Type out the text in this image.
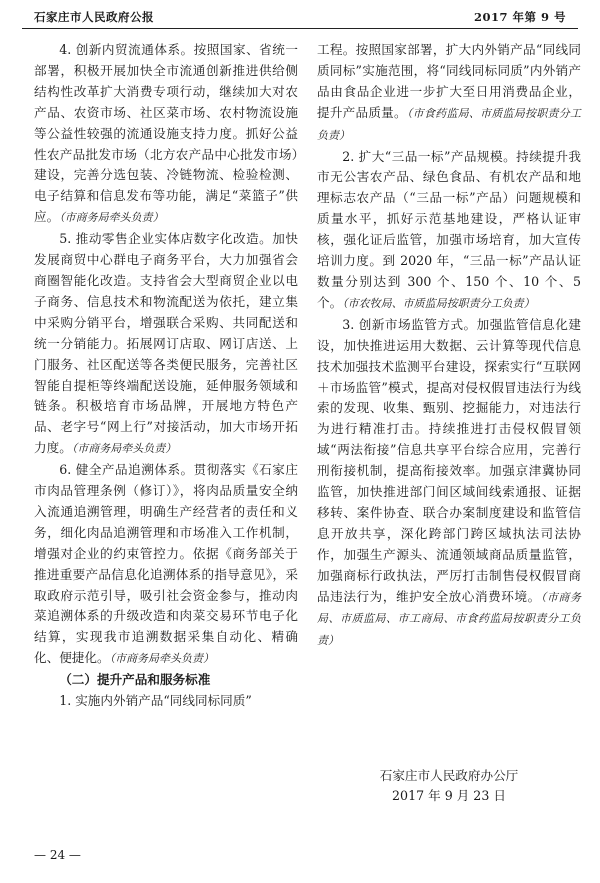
石家庄市人民政府公报	2017 年第 9 号

4. 创新内贸流通体系。按照国家、省统一部署，积极开展加快全市流通创新推进供给侧结构性改革扩大消费专项行动，继续加大对农产品、农资市场、社区菜市场、农村物流设施等公益性较强的流通设施支持力度。抓好公益性农产品批发市场（北方农产品中心批发市场）建设，完善分选包装、冷链物流、检验检测、电子结算和信息发布等功能，满足“菜篮子”供应。（市商务局牵头负责）

5. 推动零售企业实体店数字化改造。加快发展商贸中心群电子商务平台，大力加强省会商圈智能化改造。支持省会大型商贸企业以电子商务、信息技术和物流配送为依托，建立集中采购分销平台，增强联合采购、共同配送和统一分销能力。拓展网订店取、网订店送、上门服务、社区配送等各类便民服务，完善社区智能自提柜等终端配送设施，延伸服务领域和链条。积极培育市场品牌，开展地方特色产品、老字号“网上行”对接活动，加大市场开拓力度。（市商务局牵头负责）

6. 健全产品追溯体系。贯彻落实《石家庄市肉品管理条例（修订）》，将肉品质量安全纳入流通追溯管理，明确生产经营者的责任和义务，细化肉品追溯管理和市场准入工作机制，增强对企业的约束管控力。依据《商务部关于推进重要产品信息化追溯体系的指导意见》，采取政府示范引导，吸引社会资金参与，推动肉菜追溯体系的升级改造和肉菜交易环节电子化结算，实现我市追溯数据采集自动化、精确化、便捷化。（市商务局牵头负责）

（二）提升产品和服务标准

1. 实施内外销产品“同线同标同质”

工程。按照国家部署，扩大内外销产品“同线同质同标”实施范围，将“同线同标同质”内外销产品由食品企业进一步扩大至日用消费品企业，提升产品质量。（市食药监局、市质监局按职责分工负责）

2. 扩大“三品一标”产品规模。持续提升我市无公害农产品、绿色食品、有机农产品和地理标志农产品（“三品一标”产品）问题规模和质量水平，抓好示范基地建设，严格认证审核，强化证后监管，加强市场培育，加大宣传培训力度。到 2020 年，“三品一标”产品认证数量分别达到 300 个、150 个、10 个、5 个。（市农牧局、市质监局按职责分工负责）

3. 创新市场监管方式。加强监管信息化建设，加快推进运用大数据、云计算等现代信息技术加强技术监测平台建设，探索实行“互联网＋市场监管”模式，提高对侵权假冒违法行为线索的发现、收集、甄别、挖掘能力，对违法行为进行精准打击。持续推进打击侵权假冒领域“两法衔接”信息共享平台综合应用，完善行刑衔接机制，提高衔接效率。加强京津冀协同监管，加快推进部门间区域间线索通报、证据移转、案件协查、联合办案制度建设和监管信息开放共享，深化跨部门跨区域执法司法协作，加强生产源头、流通领域商品质量监管，加强商标行政执法，严厉打击制售侵权假冒商品违法行为，维护安全放心消费环境。（市商务局、市质监局、市工商局、市食药监局按职责分工负责）

石家庄市人民政府办公厅
2017 年 9 月 23 日
— 24 —
